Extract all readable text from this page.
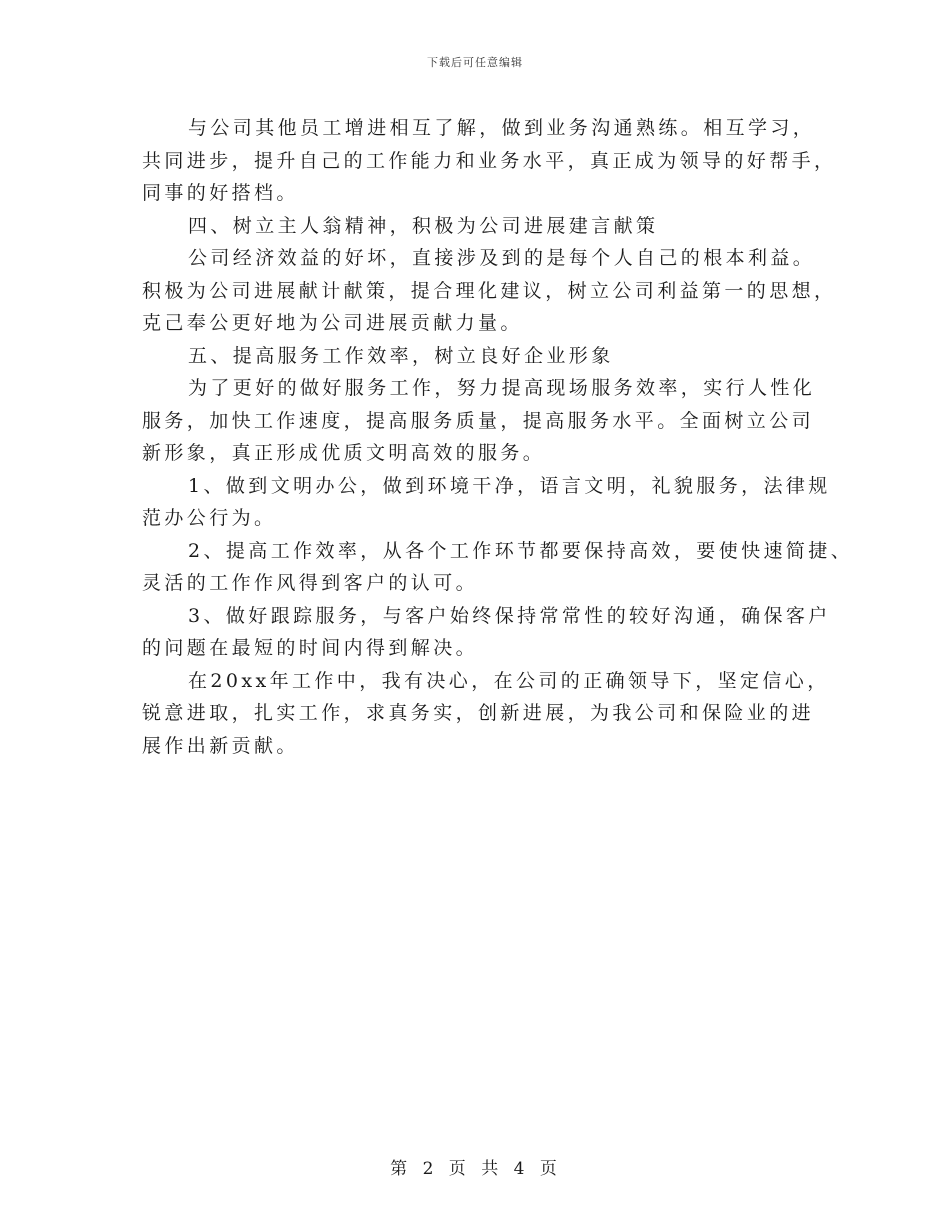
下载后可任意编辑
与公司其他员工增进相互了解，做到业务沟通熟练。相互学习，
共同进步，提升自己的工作能力和业务水平，真正成为领导的好帮手，
同事的好搭档。
四、树立主人翁精神，积极为公司进展建言献策
公司经济效益的好坏，直接涉及到的是每个人自己的根本利益。
积极为公司进展献计献策，提合理化建议，树立公司利益第一的思想，
克己奉公更好地为公司进展贡献力量。
五、提高服务工作效率，树立良好企业形象
为了更好的做好服务工作，努力提高现场服务效率，实行人性化
服务，加快工作速度，提高服务质量，提高服务水平。全面树立公司
新形象，真正形成优质文明高效的服务。
1、做到文明办公，做到环境干净，语言文明，礼貌服务，法律规
范办公行为。
2、提高工作效率，从各个工作环节都要保持高效，要使快速简捷、
灵活的工作作风得到客户的认可。
3、做好跟踪服务，与客户始终保持常常性的较好沟通，确保客户
的问题在最短的时间内得到解决。
在20xx年工作中，我有决心，在公司的正确领导下，坚定信心，
锐意进取，扎实工作，求真务实，创新进展，为我公司和保险业的进
展作出新贡献。
第 2 页 共 4 页
